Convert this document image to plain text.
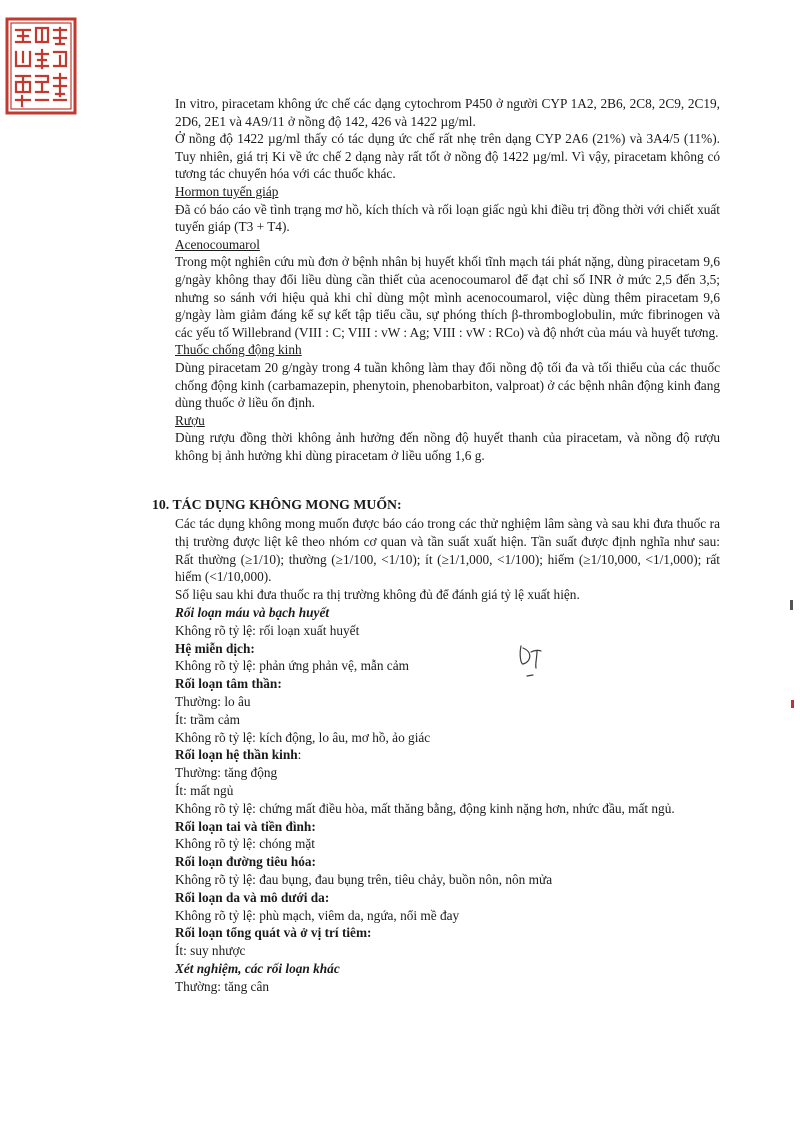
In vitro, piracetam không ức chế các dạng cytochrom P450 ở người CYP 1A2, 2B6, 2C8, 2C9, 2C19, 2D6, 2E1 và 4A9/11 ở nồng độ 142, 426 và 1422 µg/ml.

Ở nồng độ 1422 µg/ml thấy có tác dụng ức chế rất nhẹ trên dạng CYP 2A6 (21%) và 3A4/5 (11%). Tuy nhiên, giá trị Ki về ức chế 2 dạng này rất tốt ở nồng độ 1422 µg/ml. Vì vậy, piracetam không có tương tác chuyển hóa với các thuốc khác.

Hormon tuyến giáp

Đã có báo cáo về tình trạng mơ hồ, kích thích và rối loạn giấc ngủ khi điều trị đồng thời với chiết xuất tuyến giáp (T3 + T4).

Acenocoumarol

Trong một nghiên cứu mù đơn ở bệnh nhân bị huyết khối tĩnh mạch tái phát nặng, dùng piracetam 9,6 g/ngày không thay đổi liều dùng cần thiết của acenocoumarol để đạt chỉ số INR ở mức 2,5 đến 3,5; nhưng so sánh với hiệu quả khi chỉ dùng một mình acenocoumarol, việc dùng thêm piracetam 9,6 g/ngày làm giảm đáng kể sự kết tập tiểu cầu, sự phóng thích β-thromboglobulin, mức fibrinogen và các yếu tố Willebrand (VIII : C; VIII : vW : Ag; VIII : vW : RCo) và độ nhớt của máu và huyết tương.

Thuốc chống động kinh

Dùng piracetam 20 g/ngày trong 4 tuần không làm thay đổi nồng độ tối đa và tối thiểu của các thuốc chống động kinh (carbamazepin, phenytoin, phenobarbiton, valproat) ở các bệnh nhân động kinh đang dùng thuốc ở liều ổn định.

Rượu

Dùng rượu đồng thời không ảnh hưởng đến nồng độ huyết thanh của piracetam, và nồng độ rượu không bị ảnh hưởng khi dùng piracetam ở liều uống 1,6 g.

10. TÁC DỤNG KHÔNG MONG MUỐN:

Các tác dụng không mong muốn được báo cáo trong các thử nghiệm lâm sàng và sau khi đưa thuốc ra thị trường được liệt kê theo nhóm cơ quan và tần suất xuất hiện. Tần suất được định nghĩa như sau: Rất thường (≥1/10); thường (≥1/100, <1/10); ít (≥1/1,000, <1/100); hiếm (≥1/10,000, <1/1,000); rất hiếm (<1/10,000).

Số liệu sau khi đưa thuốc ra thị trường không đủ để đánh giá tỷ lệ xuất hiện.

Rối loạn máu và bạch huyết

Không rõ tỷ lệ: rối loạn xuất huyết

Hệ miễn dịch:

Không rõ tỷ lệ: phản ứng phản vệ, mẫn cảm

Rối loạn tâm thần:

Thường: lo âu

Ít: trầm cảm

Không rõ tỷ lệ: kích động, lo âu, mơ hồ, ảo giác

Rối loạn hệ thần kinh:

Thường: tăng động

Ít: mất ngủ

Không rõ tỷ lệ: chứng mất điều hòa, mất thăng bằng, động kinh nặng hơn, nhức đầu, mất ngủ.

Rối loạn tai và tiền đình:

Không rõ tỷ lệ: chóng mặt

Rối loạn đường tiêu hóa:

Không rõ tỷ lệ: đau bụng, đau bụng trên, tiêu chảy, buồn nôn, nôn mửa

Rối loạn da và mô dưới da:

Không rõ tỷ lệ: phù mạch, viêm da, ngứa, nổi mề đay

Rối loạn tổng quát và ở vị trí tiêm:

Ít: suy nhược

Xét nghiệm, các rối loạn khác

Thường: tăng cân
